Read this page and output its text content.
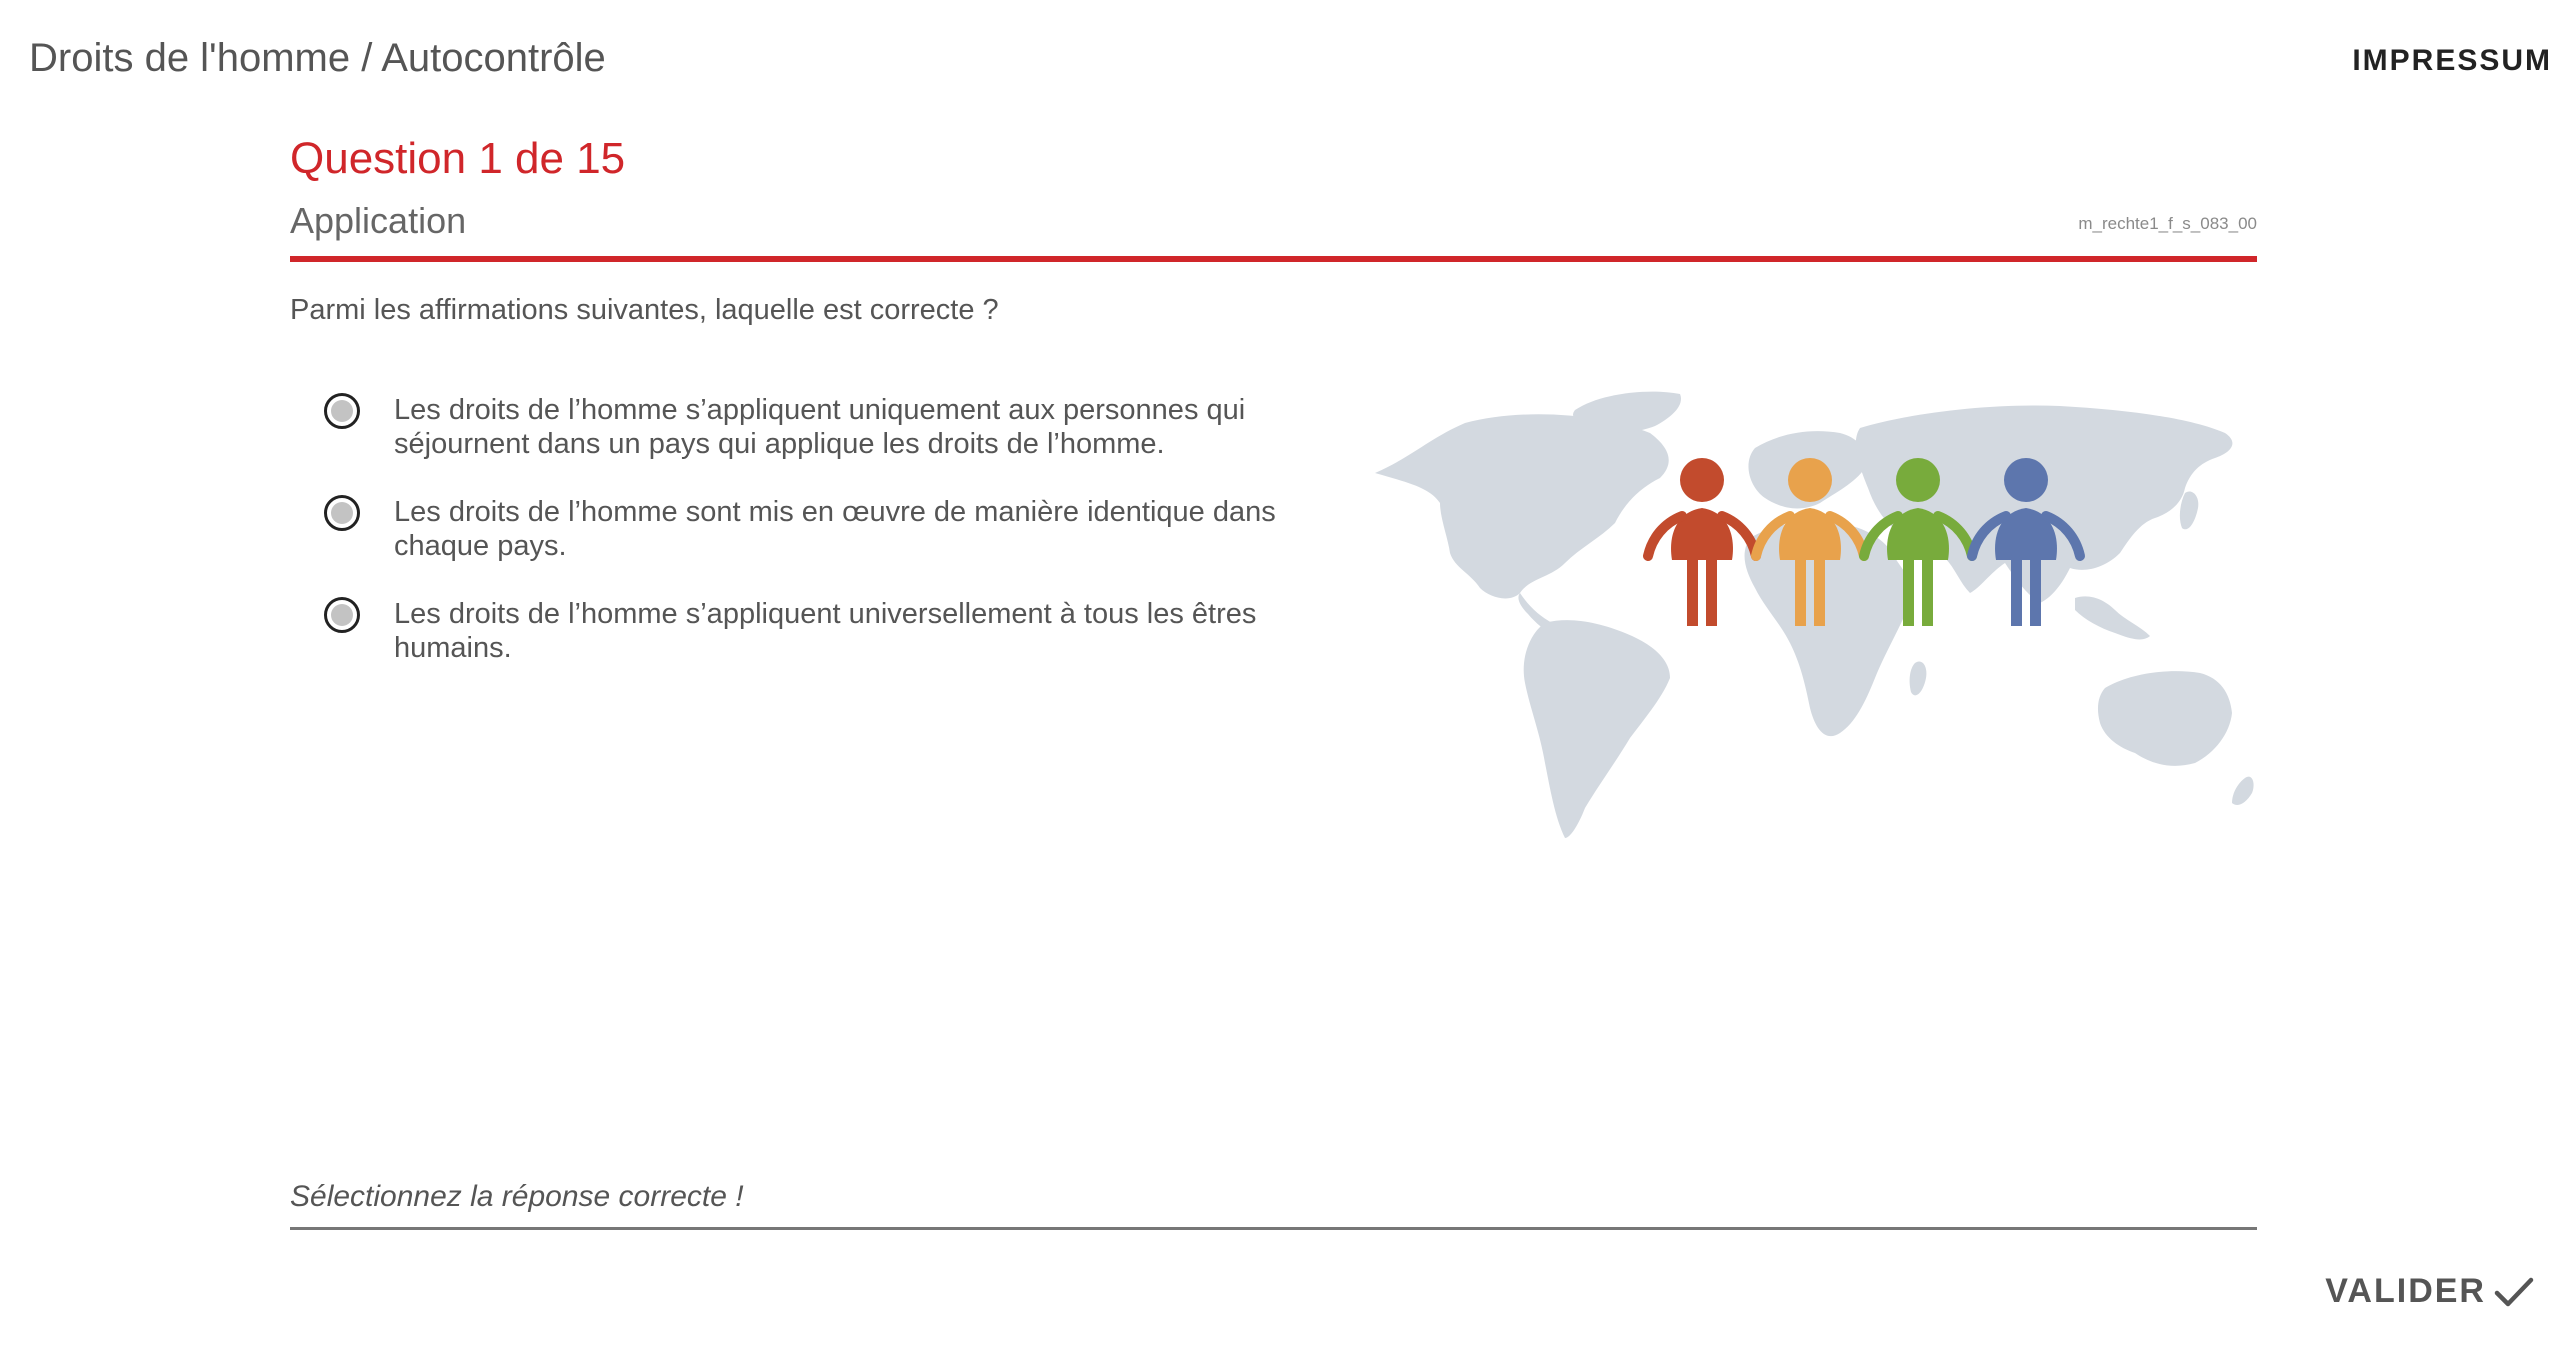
Droits de l'homme / Autocontrôle	IMPRESSUM
Question 1 de 15
Application	m_rechte1_f_s_083_00
Parmi les affirmations suivantes, laquelle est correcte ?
Les droits de l’homme s’appliquent uniquement aux personnes qui séjournent dans un pays qui applique les droits de l’homme.
Les droits de l’homme sont mis en œuvre de manière identique dans chaque pays.
Les droits de l’homme s’appliquent universellement à tous les êtres humains.
Sélectionnez la réponse correcte !
VALIDER
